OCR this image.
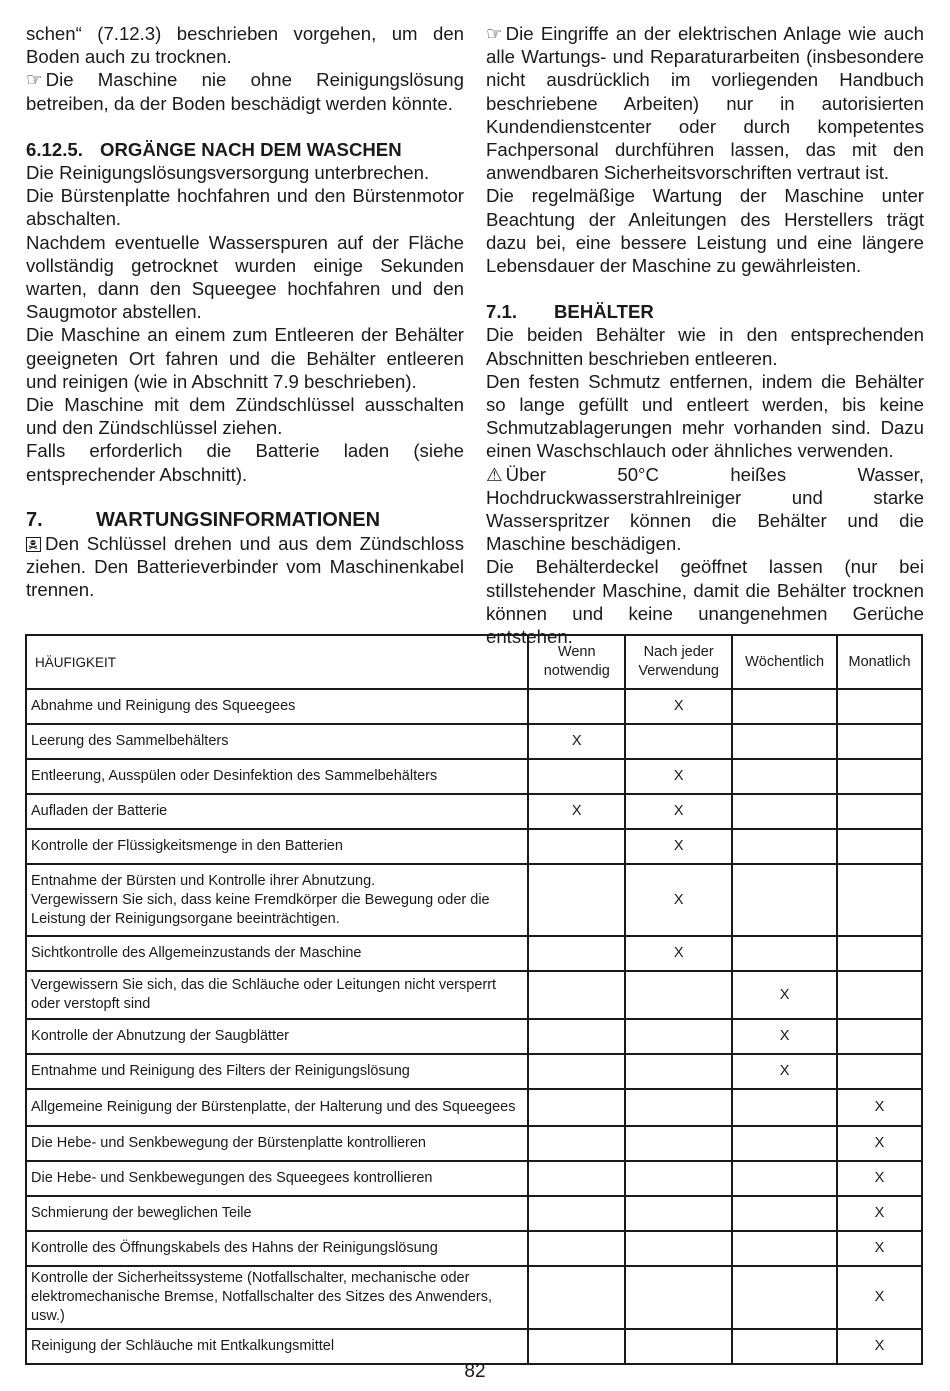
schen“ (7.12.3) beschrieben vorgehen, um den Boden auch zu trocknen.

☞ Die Maschine nie ohne Reinigungslösung betreiben, da der Boden beschädigt werden könnte.

6.12.5. ORGÄNGE NACH DEM WASCHEN

Die Reinigungslösungsversorgung unterbrechen.

Die Bürstenplatte hochfahren und den Bürstenmotor abschalten.

Nachdem eventuelle Wasserspuren auf der Fläche vollständig getrocknet wurden einige Sekunden warten, dann den Squeegee hochfahren und den Saugmotor abstellen.

Die Maschine an einem zum Entleeren der Behälter geeigneten Ort fahren und die Behälter entleeren und reinigen (wie in Abschnitt 7.9 beschrieben).

Die Maschine mit dem Zündschlüssel ausschalten und den Zündschlüssel ziehen.

Falls erforderlich die Batterie laden (siehe entsprechender Abschnitt).

7.	WARTUNGSINFORMATIONEN

Den Schlüssel drehen und aus dem Zündschloss ziehen. Den Batterieverbinder vom Maschinenkabel trennen.

☞ Die Eingriffe an der elektrischen Anlage wie auch alle Wartungs- und Reparaturarbeiten (insbesondere nicht ausdrücklich im vorliegenden Handbuch beschriebene Arbeiten) nur in autorisierten Kundendienstcenter oder durch kompetentes Fachpersonal durchführen lassen, das mit den anwendbaren Sicherheitsvorschriften vertraut ist.

Die regelmäßige Wartung der Maschine unter Beachtung der Anleitungen des Herstellers trägt dazu bei, eine bessere Leistung und eine längere Lebensdauer der Maschine zu gewährleisten.

7.1.	BEHÄLTER

Die beiden Behälter wie in den entsprechenden Abschnitten beschrieben entleeren.

Den festen Schmutz entfernen, indem die Behälter so lange gefüllt und entleert werden, bis keine Schmutzablagerungen mehr vorhanden sind. Dazu einen Waschschlauch oder ähnliches verwenden.

⚠ Über 50°C heißes Wasser, Hochdruckwasserstrahlreiniger und starke Wasserspritzer können die Behälter und die Maschine beschädigen.

Die Behälterdeckel geöffnet lassen (nur bei stillstehender Maschine, damit die Behälter trocknen können und keine unangenehmen Gerüche entstehen.

HÄUFIGKEIT	Wenn notwendig	Nach jeder Verwendung	Wöchentlich	Monatlich
Abnahme und Reinigung des Squeegees		X		
Leerung des Sammelbehälters	X			
Entleerung, Ausspülen oder Desinfektion des Sammelbehälters		X		
Aufladen der Batterie	X	X		
Kontrolle der Flüssigkeitsmenge in den Batterien		X		
Entnahme der Bürsten und Kontrolle ihrer Abnutzung.
Vergewissern Sie sich, dass keine Fremdkörper die Bewegung oder die Leistung der Reinigungsorgane beeinträchtigen.		X		
Sichtkontrolle des Allgemeinzustands der Maschine		X		
Vergewissern Sie sich, das die Schläuche oder Leitungen nicht versperrt oder verstopft sind			X	
Kontrolle der Abnutzung der Saugblätter			X	
Entnahme und Reinigung des Filters der Reinigungslösung			X	
Allgemeine Reinigung der Bürstenplatte, der Halterung und des Squeegees				X
Die Hebe- und Senkbewegung der Bürstenplatte kontrollieren				X
Die Hebe- und Senkbewegungen des Squeegees kontrollieren				X
Schmierung der beweglichen Teile				X
Kontrolle des Öffnungskabels des Hahns der Reinigungslösung				X
Kontrolle der Sicherheitssysteme (Notfallschalter, mechanische oder elektromechanische Bremse, Notfallschalter des Sitzes des Anwenders, usw.)				X
Reinigung der Schläuche mit Entkalkungsmittel				X
82
